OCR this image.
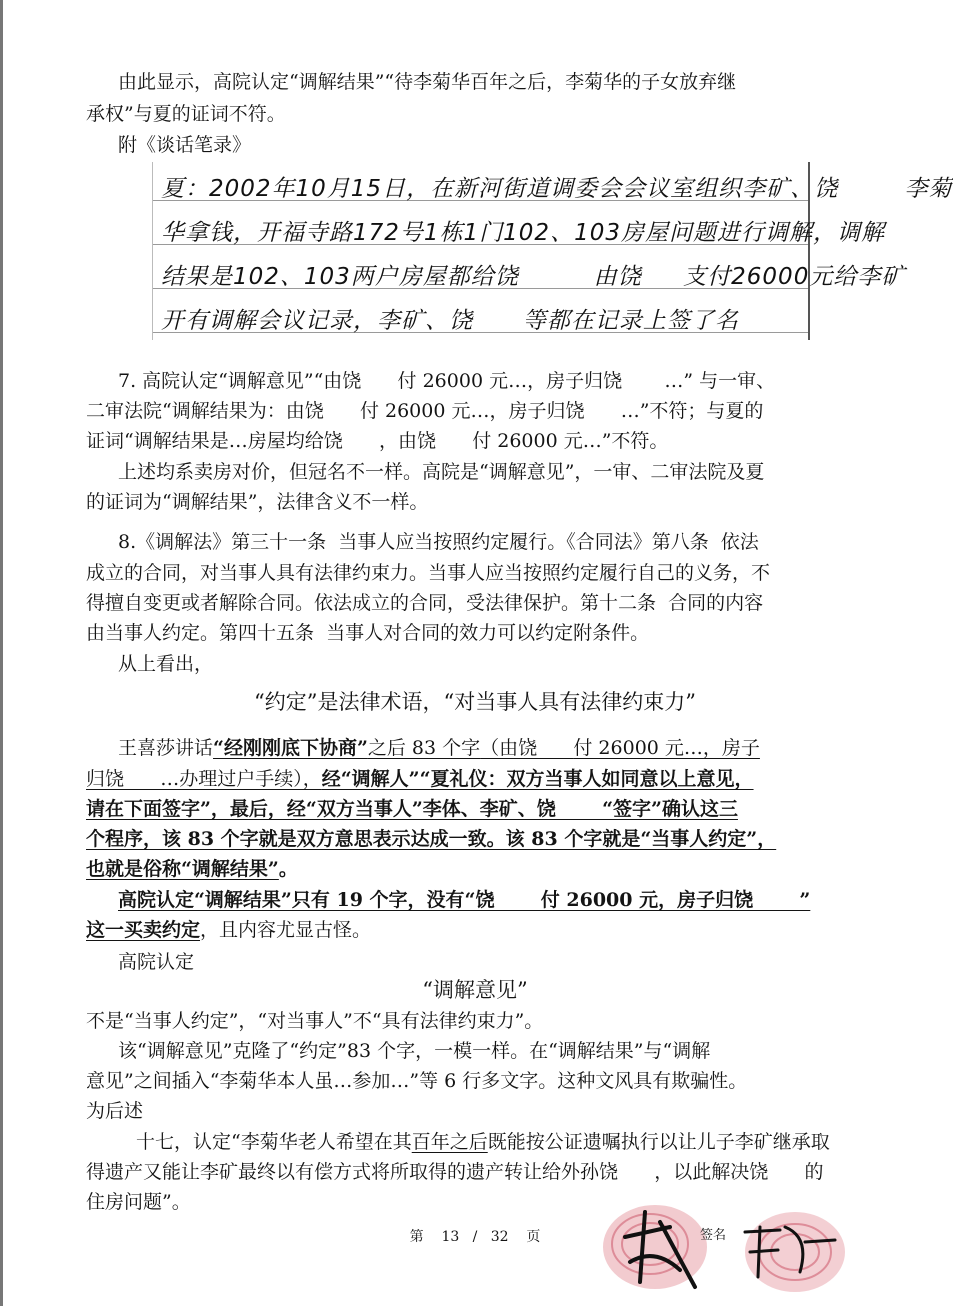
由此显示，高院认定“调解结果”“待李菊华百年之后，李菊华的子女放弃继
承权”与夏的证词不符。
附《谈话笔录》
7. 高院认定“调解意见”“由饶      付 26000 元…，房子归饶       …” 与一审、
二审法院“调解结果为：由饶      付 26000 元…，房子归饶      …”不符；与夏的
证词“调解结果是…房屋均给饶      ，由饶      付 26000 元…”不符。
上述均系卖房对价，但冠名不一样。高院是“调解意见”，一审、二审法院及夏
的证词为“调解结果”，法律含义不一样。
8.《调解法》第三十一条  当事人应当按照约定履行。《合同法》第八条  依法
成立的合同，对当事人具有法律约束力。当事人应当按照约定履行自己的义务，不
得擅自变更或者解除合同。依法成立的合同，受法律保护。第十二条  合同的内容
由当事人约定。第四十五条  当事人对合同的效力可以约定附条件。
从上看出，
王喜莎讲话“经刚刚底下协商”之后 83 个字（由饶      付 26000 元…，房子
归饶      …办理过户手续），经“调解人”“夏礼仪：双方当事人如同意以上意见，
请在下面签字”，最后，经“双方当事人”李体、李矿、饶       “签字”确认这三
个程序，该 83 个字就是双方意思表示达成一致。该 83 个字就是“当事人约定”，
也就是俗称“调解结果”。
高院认定“调解结果”只有 19 个字，没有“饶       付 26000 元，房子归饶       ”
这一买卖约定，且内容尤显古怪。
高院认定
不是“当事人约定”，“对当事人”不“具有法律约束力”。
该“调解意见”克隆了“约定”83 个字，一模一样。在“调解结果”与“调解
意见”之间插入“李菊华本人虽…参加…”等 6 行多文字。这种文风具有欺骗性。
为后述
十七，认定“李菊华老人希望在其百年之后既能按公证遗嘱执行以让儿子李矿继承取
得遗产又能让李矿最终以有偿方式将所取得的遗产转让给外孙饶      ，以此解决饶      的
住房问题”。
“约定”是法律术语，“对当事人具有法律约束力”
“调解意见”
夏：2002年10月15日，在新河街道调委会会议室组织李矿、饶        李菊
华拿钱，开福寺路172号1栋1门102、103房屋问题进行调解，调解
结果是102、103两户房屋都给饶         由饶     支付26000元给李矿
开有调解会议记录，李矿、饶      等都在记录上签了名
第 13 / 32 页	签名
